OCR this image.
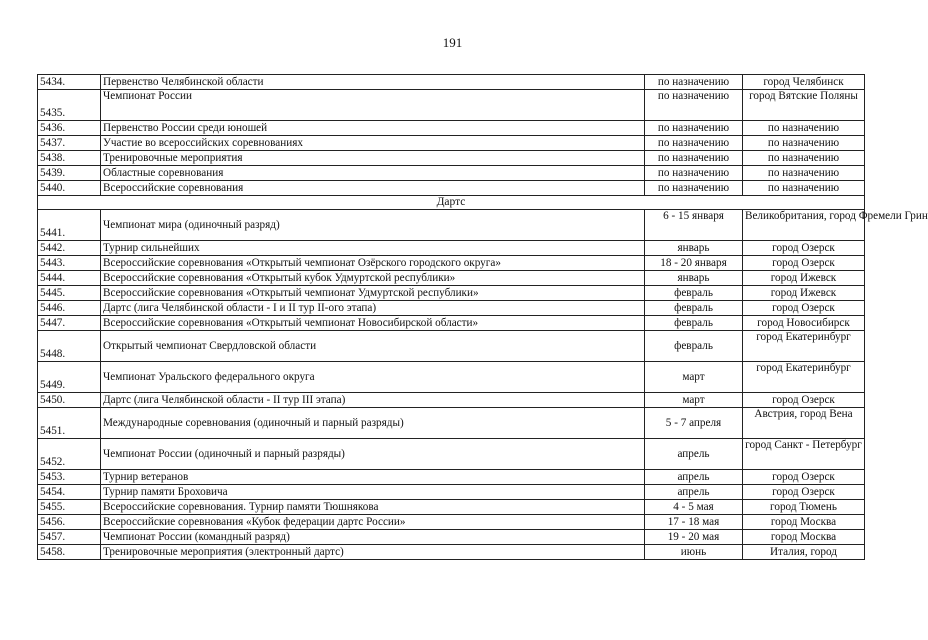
191
5434.	Первенство Челябинской области	по назначению	город Челябинск
5435.	Чемпионат России	по назначению	город Вятские Поляны
5436.	Первенство России среди юношей	по назначению	по назначению
5437.	Участие во всероссийских соревнованиях	по назначению	по назначению
5438.	Тренировочные мероприятия	по назначению	по назначению
5439.	Областные соревнования	по назначению	по назначению
5440.	Всероссийские соревнования	по назначению	по назначению
Дартс			
5441.	Чемпионат мира (одиночный разряд)	6 - 15 января	Великобритания, город Фремели Грин
5442.	Турнир сильнейших	январь	город Озерск
5443.	Всероссийские соревнования «Открытый чемпионат Озёрского городского округа»	18 - 20 января	город Озерск
5444.	Всероссийские соревнования «Открытый кубок Удмуртской республики»	январь	город Ижевск
5445.	Всероссийские соревнования «Открытый чемпионат Удмуртской республики»	февраль	город Ижевск
5446.	Дартс (лига Челябинской области - I и II тур II-ого этапа)	февраль	город Озерск
5447.	Всероссийские соревнования «Открытый чемпионат Новосибирской области»	февраль	город Новосибирск
5448.	Открытый чемпионат Свердловской области	февраль	город Екатеринбург
5449.	Чемпионат Уральского федерального округа	март	город Екатеринбург
5450.	Дартс (лига Челябинской области - II тур III этапа)	март	город Озерск
5451.	Международные соревнования (одиночный и парный разряды)	5 - 7 апреля	Австрия, город Вена
5452.	Чемпионат России (одиночный и парный разряды)	апрель	город Санкт - Петербург
5453.	Турнир ветеранов	апрель	город Озерск
5454.	Турнир памяти Броховича	апрель	город Озерск
5455.	Всероссийские соревнования. Турнир памяти Тюшнякова	4 - 5 мая	город Тюмень
5456.	Всероссийские соревнования «Кубок федерации дартс России»	17 - 18 мая	город Москва
5457.	Чемпионат России (командный разряд)	19 - 20 мая	город Москва
5458.	Тренировочные мероприятия (электронный дартс)	июнь	Италия, город
